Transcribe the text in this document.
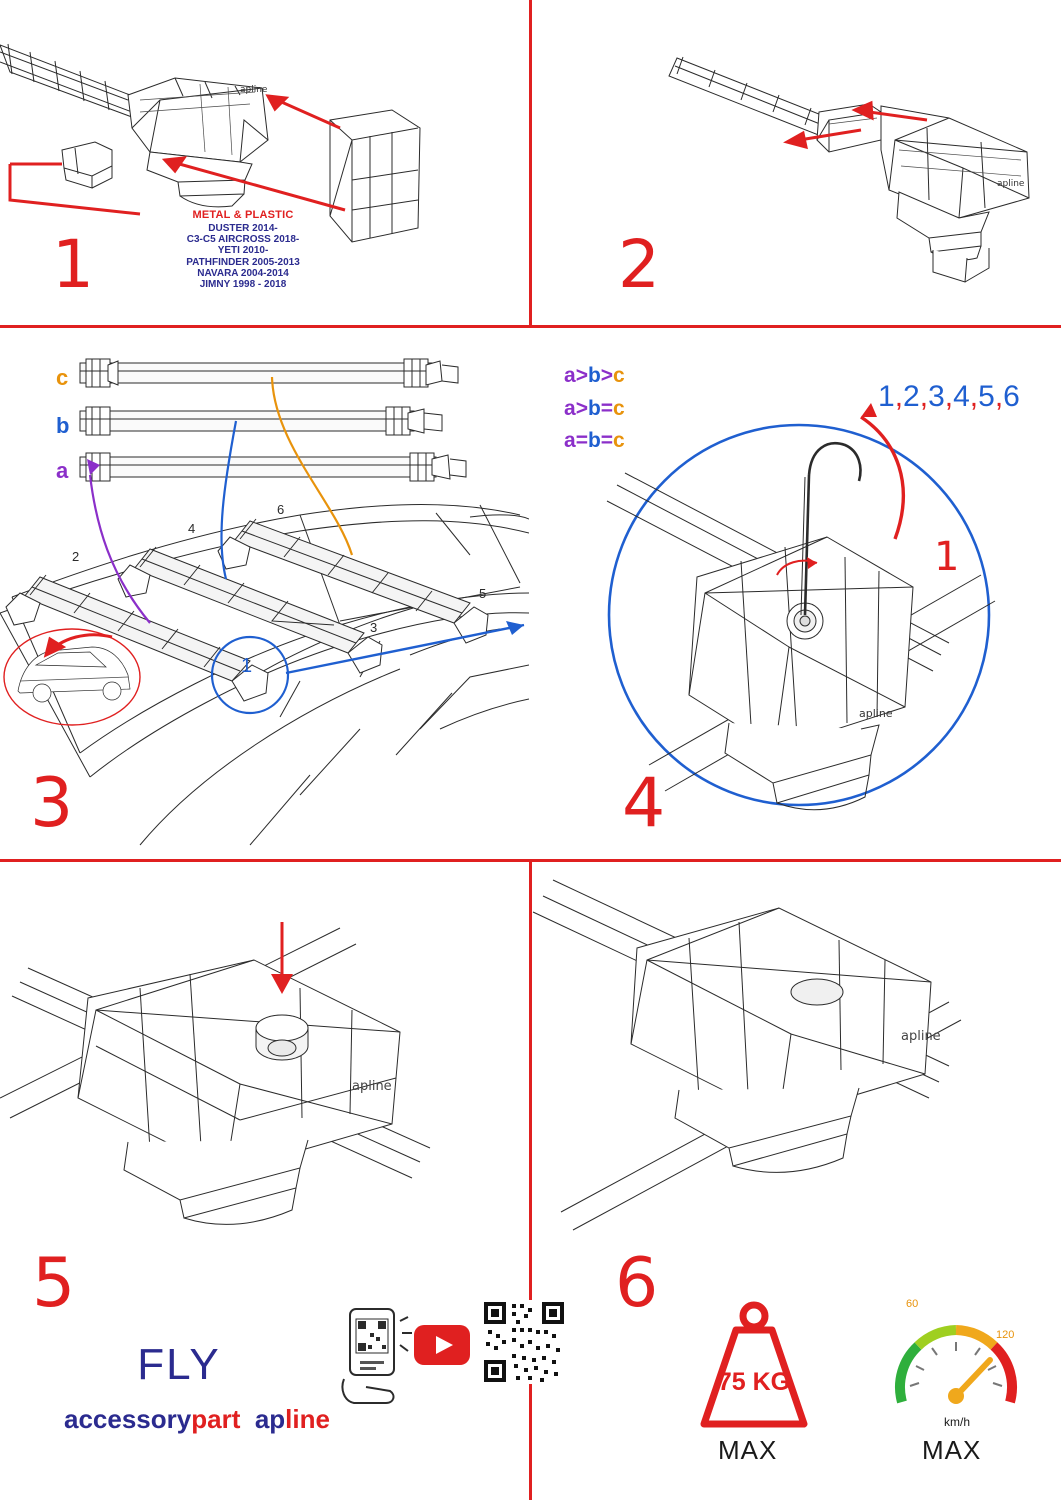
apline
METAL & PLASTIC
DUSTER 2014-
C3-C5 AIRCROSS 2018-
YETI 2010-
PATHFINDER 2005-2013
NAVARA 2004-2014
JIMNY 1998 - 2018
1
apline
2
c
b
a
a>b>c
a>b=c
a=b=c
2
4
6
3
5
1
3
apline
1,2,3,4,5,6
1
4
apline
apline
5
FLY
accessorypart apline
6
75 KG
MAX
60
120
km/h
MAX
